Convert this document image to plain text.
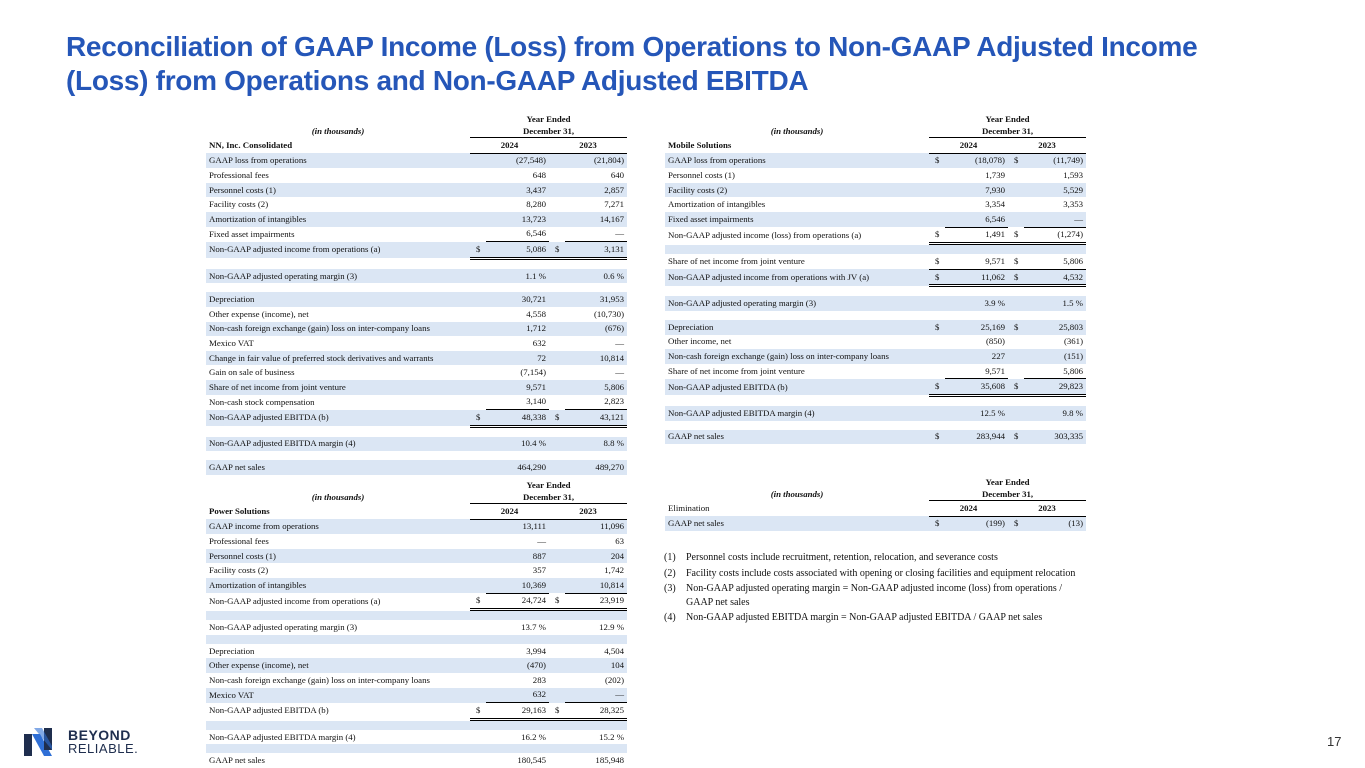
Reconciliation of GAAP Income (Loss) from Operations to Non-GAAP Adjusted Income (Loss) from Operations and Non-GAAP Adjusted EBITDA
	Year Ended			
(in thousands)	December 31,			
NN, Inc. Consolidated	2024		2023	
GAAP loss from operations		(27,548)		(21,804)
Professional fees		648		640
Personnel costs (1)		3,437		2,857
Facility costs (2)		8,280		7,271
Amortization of intangibles		13,723		14,167
Fixed asset impairments		6,546		—
Non-GAAP adjusted income from operations (a)	$	5,086	$	3,131

Non-GAAP adjusted operating margin (3)		1.1 %		0.6 %

Depreciation		30,721		31,953
Other expense (income), net		4,558		(10,730)
Non-cash foreign exchange (gain) loss on inter-company loans		1,712		(676)
Mexico VAT		632		—
Change in fair value of preferred stock derivatives and warrants		72		10,814
Gain on sale of business		(7,154)		—
Share of net income from joint venture		9,571		5,806
Non-cash stock compensation		3,140		2,823
Non-GAAP adjusted EBITDA (b)	$	48,338	$	43,121

Non-GAAP adjusted EBITDA margin (4)		10.4 %		8.8 %

GAAP net sales		464,290		489,270
	Year Ended			
(in thousands)	December 31,			
Power Solutions	2024		2023	
GAAP income from operations		13,111		11,096
Professional fees		—		63
Personnel costs (1)		887		204
Facility costs (2)		357		1,742
Amortization of intangibles		10,369		10,814
Non-GAAP adjusted income from operations (a)	$	24,724	$	23,919

Non-GAAP adjusted operating margin (3)		13.7 %		12.9 %

Depreciation		3,994		4,504
Other expense (income), net		(470)		104
Non-cash foreign exchange (gain) loss on inter-company loans		283		(202)
Mexico VAT		632		—
Non-GAAP adjusted EBITDA (b)	$	29,163	$	28,325

Non-GAAP adjusted EBITDA margin (4)		16.2 %		15.2 %

GAAP net sales		180,545		185,948
	Year Ended			
(in thousands)	December 31,			
Mobile Solutions	2024		2023	
GAAP loss from operations	$	(18,078)	$	(11,749)
Personnel costs (1)		1,739		1,593
Facility costs (2)		7,930		5,529
Amortization of intangibles		3,354		3,353
Fixed asset impairments		6,546		—
Non-GAAP adjusted income (loss) from operations (a)	$	1,491	$	(1,274)

Share of net income from joint venture	$	9,571	$	5,806
Non-GAAP adjusted income from operations with JV (a)	$	11,062	$	4,532

Non-GAAP adjusted operating margin (3)		3.9 %		1.5 %

Depreciation	$	25,169	$	25,803
Other income, net		(850)		(361)
Non-cash foreign exchange (gain) loss on inter-company loans		227		(151)
Share of net income from joint venture		9,571		5,806
Non-GAAP adjusted EBITDA (b)	$	35,608	$	29,823

Non-GAAP adjusted EBITDA margin (4)		12.5 %		9.8 %

GAAP net sales	$	283,944	$	303,335
	Year Ended			
(in thousands)	December 31,			
Elimination	2024		2023	
GAAP net sales	$	(199)	$	(13)
(1)	Personnel costs include recruitment, retention, relocation, and severance costs
(2)	Facility costs include costs associated with opening or closing facilities and equipment relocation
(3)	Non-GAAP adjusted operating margin = Non-GAAP adjusted income (loss) from operations / GAAP net sales
(4)	Non-GAAP adjusted EBITDA margin = Non-GAAP adjusted EBITDA / GAAP net sales
BEYOND
RELIABLE.	17
